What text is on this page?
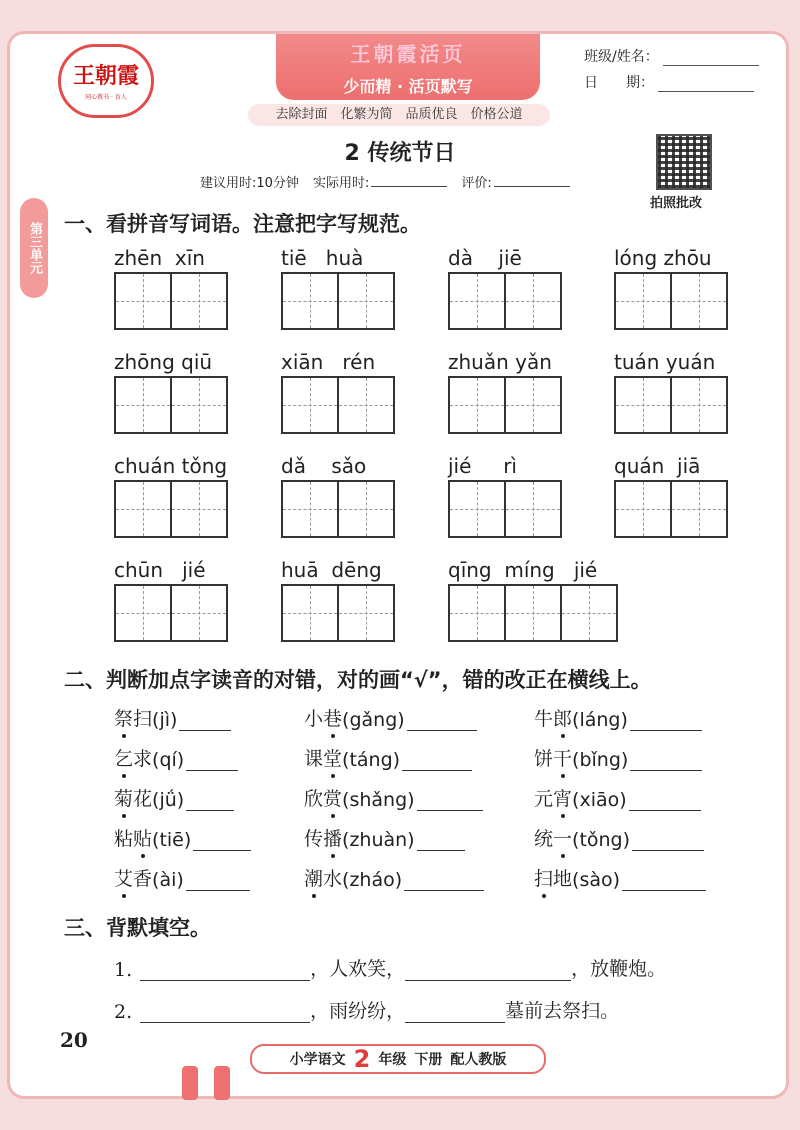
王朝霞活页
少而精 · 活页默写
王朝霞
同心教书 · 育人
班级/姓名：
日　　期：
去除封面　化繁为简　品质优良　价格公道
第三单元
2 传统节日
建议用时:10分钟 实际用时:	评价:
拍照批改
一、看拼音写词语。注意把字写规范。
zhēn  xīn	tiē   huà	dà    jiē	lóng zhōu
zhōng qiū	xiān   rén	zhuǎn yǎn	tuán yuán
chuán tǒng	dǎ    sǎo	jié     rì	quán  jiā
chūn   jié	huā  dēng	qīng  míng   jié
二、判断加点字读音的对错，对的画“√”，错的改正在横线上。
祭 扫 (jì)	小 巷 (gǎng)	牛 郎 (láng)
乞 求 (qí)	课 堂 (táng)	饼 干 (bǐng)
菊 花 (jǘ)	欣 赏 (shǎng)	元 宵 (xiāo)
粘 贴 (tiē)	传 播 (zhuàn)	统 一 (tǒng)
艾 香 (ài)	潮 水 (zháo)	扫 地 (sào)
三、背默填空。
1.	，人欢笑，	，放鞭炮。
2.	，雨纷纷，	墓前去祭扫。
20
小学语文 2 年级 下册 配人教版
